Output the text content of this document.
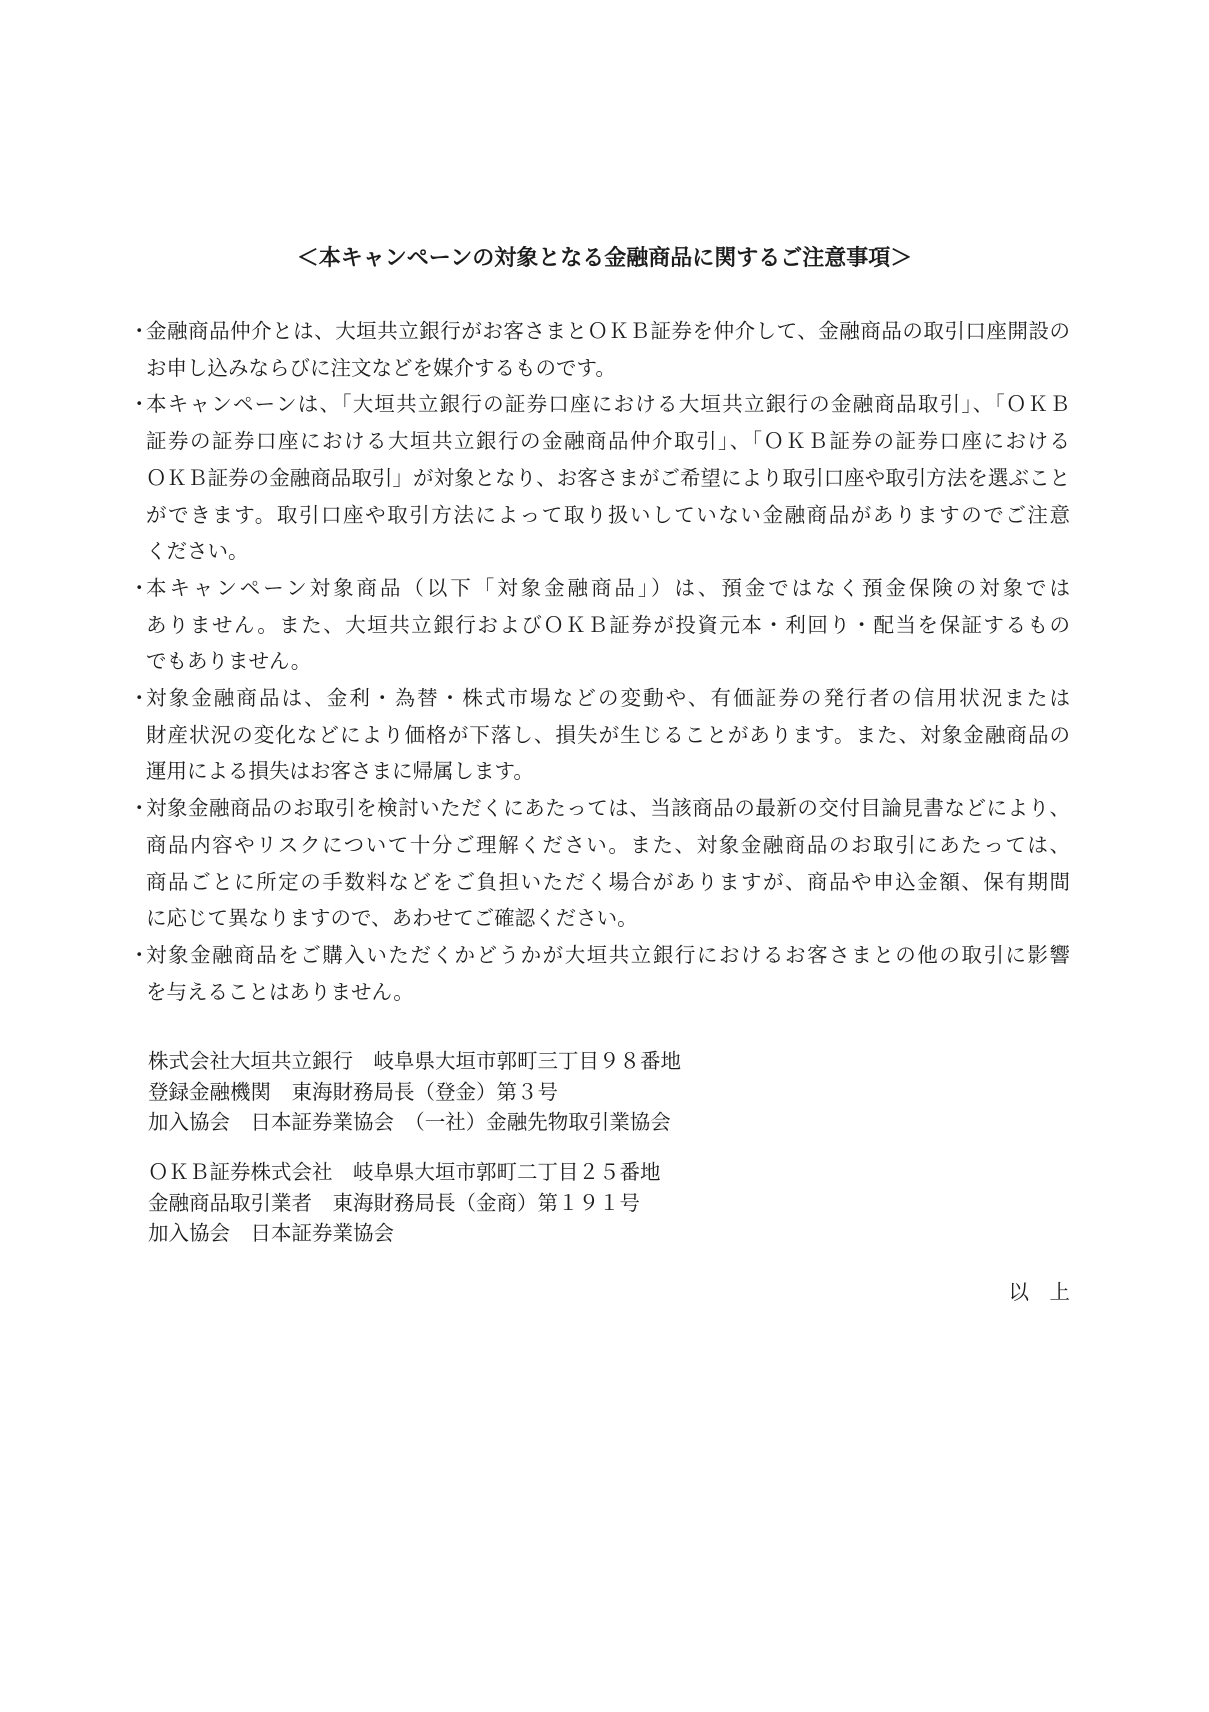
＜本キャンペーンの対象となる金融商品に関するご注意事項＞
・
金融商品仲介とは、大垣共立銀行がお客さまとＯＫＢ証券を仲介して、金融商品の取引口座開設の
お申し込みならびに注文などを媒介するものです。
・
本キャンペーンは、「大垣共立銀行の証券口座における大垣共立銀行の金融商品取引」、「ＯＫＢ
証券の証券口座における大垣共立銀行の金融商品仲介取引」、「ＯＫＢ証券の証券口座における
ＯＫＢ証券の金融商品取引」が対象となり、お客さまがご希望により取引口座や取引方法を選ぶこと
ができます。取引口座や取引方法によって取り扱いしていない金融商品がありますのでご注意
ください。
・
本キャンペーン対象商品（以下「対象金融商品」）は、預金ではなく預金保険の対象では
ありません。また、大垣共立銀行およびＯＫＢ証券が投資元本・利回り・配当を保証するもの
でもありません。
・
対象金融商品は、金利・為替・株式市場などの変動や、有価証券の発行者の信用状況または
財産状況の変化などにより価格が下落し、損失が生じることがあります。また、対象金融商品の
運用による損失はお客さまに帰属します。
・
対象金融商品のお取引を検討いただくにあたっては、当該商品の最新の交付目論見書などにより、
商品内容やリスクについて十分ご理解ください。また、対象金融商品のお取引にあたっては、
商品ごとに所定の手数料などをご負担いただく場合がありますが、商品や申込金額、保有期間
に応じて異なりますので、あわせてご確認ください。
・
対象金融商品をご購入いただくかどうかが大垣共立銀行におけるお客さまとの他の取引に影響
を与えることはありません。
株式会社大垣共立銀行　岐阜県大垣市郭町三丁目９８番地
登録金融機関　東海財務局長（登金）第３号
加入協会　日本証券業協会　（一社）金融先物取引業協会
ＯＫＢ証券株式会社　岐阜県大垣市郭町二丁目２５番地
金融商品取引業者　東海財務局長（金商）第１９１号
加入協会　日本証券業協会
以　上
